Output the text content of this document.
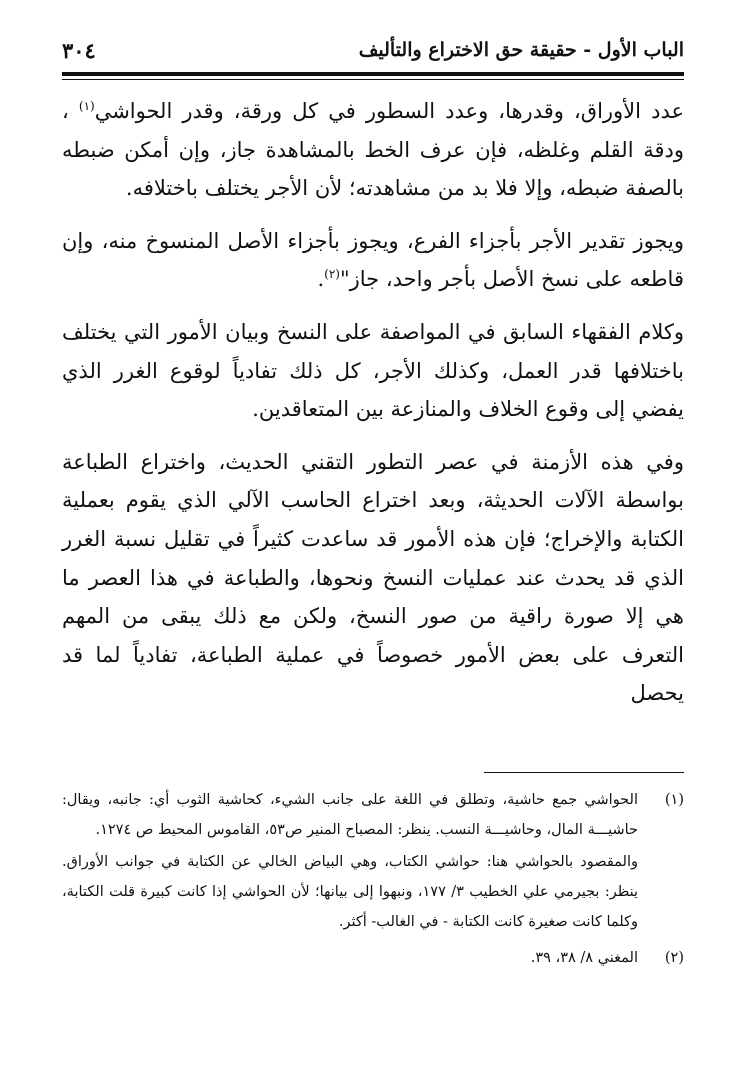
الباب الأول - حقيقة حق الاختراع والتأليف
٣٠٤

عدد الأوراق، وقدرها، وعدد السطور في كل ورقة، وقدر الحواشي$^{(١)}$ ، ودقة القلم وغلظه، فإن عرف الخط بالمشاهدة جاز، وإن أمكن ضبطه بالصفة ضبطه، وإلا فلا بد من مشاهدته؛ لأن الأجر يختلف باختلافه.

ويجوز تقدير الأجر بأجزاء الفرع، ويجوز بأجزاء الأصل المنسوخ منه، وإن قاطعه على نسخ الأصل بأجر واحد، جاز"$^{(٢)}$.

وكلام الفقهاء السابق في المواصفة على النسخ وبيان الأمور التي يختلف باختلافها قدر العمل، وكذلك الأجر، كل ذلك تفادياً لوقوع الغرر الذي يفضي إلى وقوع الخلاف والمنازعة بين المتعاقدين.

وفي هذه الأزمنة في عصر التطور التقني الحديث، واختراع الطباعة بواسطة الآلات الحديثة، وبعد اختراع الحاسب الآلي الذي يقوم بعملية الكتابة والإخراج؛ فإن هذه الأمور قد ساعدت كثيراً في تقليل نسبة الغرر الذي قد يحدث عند عمليات النسخ ونحوها، والطباعة في هذا العصر ما هي إلا صورة راقية من صور النسخ، ولكن مع ذلك يبقى من المهم التعرف على بعض الأمور خصوصاً في عملية الطباعة، تفادياً لما قد يحصل

(١)

الحواشي جمع حاشية، وتطلق في اللغة على جانب الشيء، كحاشية الثوب أي: جانبه، ويقال: حاشيـــة المال، وحاشيـــة النسب. ينظر: المصباح المنير ص٥٣، القاموس المحيط ص ١٢٧٤.

والمقصود بالحواشي هنا: حواشي الكتاب، وهي البياض الخالي عن الكتابة في جوانب الأوراق. ينظر: بجيرمي علي الخطيب ٣/ ١٧٧، ونبهوا إلى بيانها؛ لأن الحواشي إذا كانت كبيرة قلت الكتابة، وكلما كانت صغيرة كانت الكتابة - في الغالب- أكثر.

(٢)

المغني ٨/ ٣٨، ٣٩.
